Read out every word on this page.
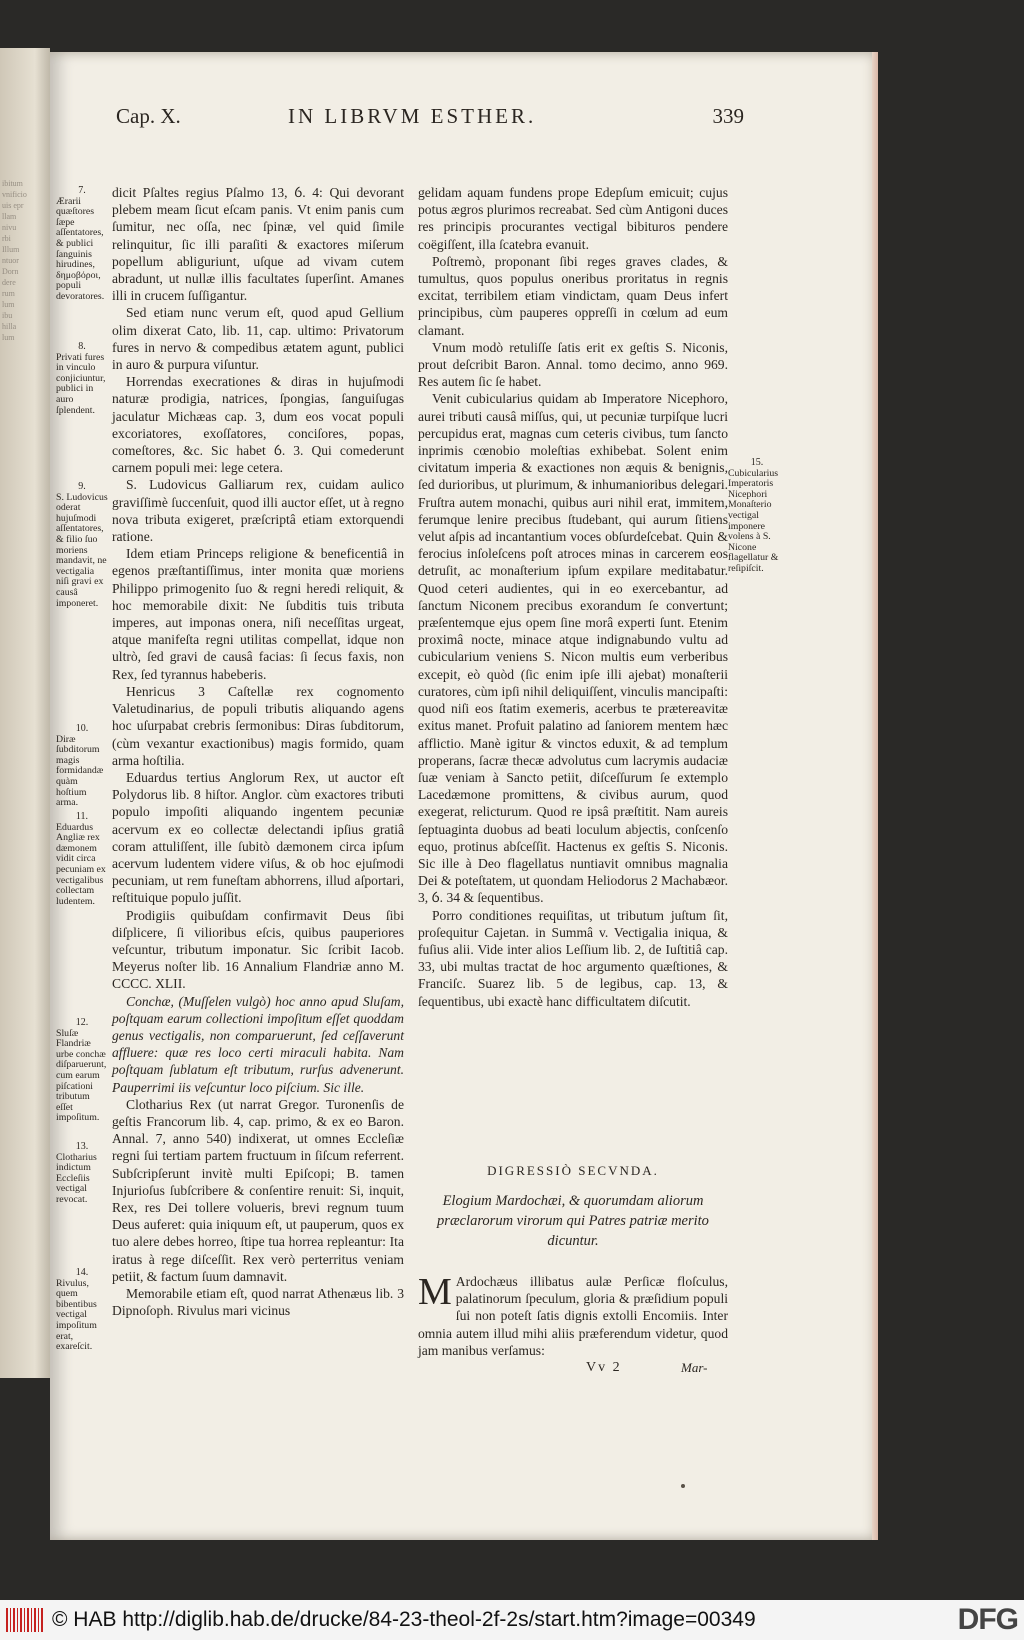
ibitum
vnificio
uis epr
llam
nivu
rbi
Illum
ntuor
Dorn
dere
rum
lum
ibu
hilla
lum
Cap. X.	IN LIBRVM ESTHER.	339

dicit Pſaltes regius Pſalmo 13, ỽ. 4: Qui devorant plebem meam ſicut eſcam panis. Vt enim panis cum ſumitur, nec oſſa, nec ſpinæ, vel quid ſimile relinquitur, ſic illi paraſiti & exactores miſerum popellum abliguriunt, uſque ad vivam cutem abradunt, ut nullæ illis facultates ſuperſint. Amanes illi in crucem ſuſſigantur.

Sed etiam nunc verum eſt, quod apud Gellium olim dixerat Cato, lib. 11, cap. ultimo: Privatorum fures in nervo & compedibus ætatem agunt, publici in auro & purpura viſuntur.

Horrendas execrationes & diras in hujuſmodi naturæ prodigia, natrices, ſpongias, ſanguiſugas jaculatur Michæas cap. 3, dum eos vocat populi excoriatores, exoſſatores, conciſores, popas, comeſtores, &c. Sic habet ỽ. 3. Qui comederunt carnem populi mei: lege cetera.

S. Ludovicus Galliarum rex, cuidam aulico graviſſimè ſuccenſuit, quod illi auctor eſſet, ut à regno nova tributa exigeret, præſcriptâ etiam extorquendi ratione.

Idem etiam Princeps religione & beneficentiâ in egenos præſtantiſſimus, inter monita quæ moriens Philippo primogenito ſuo & regni heredi reliquit, & hoc memorabile dixit: Ne ſubditis tuis tributa imperes, aut imponas onera, niſi neceſſitas urgeat, atque manifeſta regni utilitas compellat, idque non ultrò, ſed gravi de causâ facias: ſi ſecus faxis, non Rex, ſed tyrannus habeberis.

Henricus 3 Caſtellæ rex cognomento Valetudinarius, de populi tributis aliquando agens hoc uſurpabat crebris ſermonibus: Diras ſubditorum, (cùm vexantur exactionibus) magis formido, quam arma hoſtilia.

Eduardus tertius Anglorum Rex, ut auctor eſt Polydorus lib. 8 hiſtor. Anglor. cùm exactores tributi populo impoſiti aliquando ingentem pecuniæ acervum ex eo collectæ delectandi ipſius gratiâ coram attuliſſent, ille ſubitò dæmonem circa ipſum acervum ludentem videre viſus, & ob hoc ejuſmodi pecuniam, ut rem funeſtam abhorrens, illud aſportari, reſtituique populo juſſit.

Prodigiis quibuſdam confirmavit Deus ſibi diſplicere, ſi vilioribus eſcis, quibus pauperiores veſcuntur, tributum imponatur. Sic ſcribit Iacob. Meyerus noſter lib. 16 Annalium Flandriæ anno M. CCCC. XLII.

Conchæ, (Muſſelen vulgò) hoc anno apud Sluſam, poſtquam earum collectioni impoſitum eſſet quoddam genus vectigalis, non comparuerunt, ſed ceſſaverunt affluere: quæ res loco certi miraculi habita. Nam poſtquam ſublatum eſt tributum, rurſus advenerunt. Pauperrimi iis veſcuntur loco piſcium. Sic ille.

Clotharius Rex (ut narrat Gregor. Turonenſis de geſtis Francorum lib. 4, cap. primo, & ex eo Baron. Annal. 7, anno 540) indixerat, ut omnes Eccleſiæ regni ſui tertiam partem fructuum in ſiſcum referrent. Subſcripſerunt invitè multi Epiſcopi; B. tamen Injurioſus ſubſcribere & conſentire renuit: Si, inquit, Rex, res Dei tollere volueris, brevi regnum tuum Deus auferet: quia iniquum eſt, ut pauperum, quos ex tuo alere debes horreo, ſtipe tua horrea repleantur: Ita iratus à rege diſceſſit. Rex verò perterritus veniam petiit, & factum ſuum damnavit.

Memorabile etiam eſt, quod narrat Athenæus lib. 3 Dipnoſoph. Rivulus mari vicinus

gelidam aquam fundens prope Edepſum emicuit; cujus potus ægros plurimos recreabat. Sed cùm Antigoni duces res principis procurantes vectigal bibituros pendere coëgiſſent, illa ſcatebra evanuit.

Poſtremò, proponant ſibi reges graves clades, & tumultus, quos populus oneribus proritatus in regnis excitat, terribilem etiam vindictam, quam Deus infert principibus, cùm pauperes oppreſſi in cœlum ad eum clamant.

Vnum modò retuliſſe ſatis erit ex geſtis S. Niconis, prout deſcribit Baron. Annal. tomo decimo, anno 969. Res autem ſic ſe habet.

Venit cubicularius quidam ab Imperatore Nicephoro, aurei tributi causâ miſſus, qui, ut pecuniæ turpiſque lucri percupidus erat, magnas cum ceteris civibus, tum ſancto inprimis cœnobio moleſtias exhibebat. Solent enim civitatum imperia & exactiones non æquis & benignis, ſed durioribus, ut plurimum, & inhumanioribus delegari. Fruſtra autem monachi, quibus auri nihil erat, immitem, ferumque lenire precibus ſtudebant, qui aurum ſitiens velut aſpis ad incantantium voces obſurdeſcebat. Quin & ferocius inſoleſcens poſt atroces minas in carcerem eos detruſit, ac monaſterium ipſum expilare meditabatur. Quod ceteri audientes, qui in eo exercebantur, ad ſanctum Niconem precibus exorandum ſe convertunt; præſentemque ejus opem ſine morâ experti ſunt. Etenim proximâ nocte, minace atque indignabundo vultu ad cubicularium veniens S. Nicon multis eum verberibus excepit, eò quòd (ſic enim ipſe illi ajebat) monaſterii curatores, cùm ipſi nihil deliquiſſent, vinculis mancipaſti: quod niſi eos ſtatim exemeris, acerbus te prætereavitæ exitus manet. Profuit palatino ad ſaniorem mentem hæc afflictio. Manè igitur & vinctos eduxit, & ad templum properans, ſacræ thecæ advolutus cum lacrymis audaciæ ſuæ veniam à Sancto petiit, diſceſſurum ſe extemplo Lacedæmone promittens, & civibus aurum, quod exegerat, relicturum. Quod re ipsâ præſtitit. Nam aureis ſeptuaginta duobus ad beati loculum abjectis, conſcenſo equo, protinus abſceſſit. Hactenus ex geſtis S. Niconis. Sic ille à Deo flagellatus nuntiavit omnibus magnalia Dei & poteſtatem, ut quondam Heliodorus 2 Machabæor. 3, ỽ. 34 & ſequentibus.

Porro conditiones requiſitas, ut tributum juſtum ſit, proſequitur Cajetan. in Summâ v. Vectigalia iniqua, & fuſius alii. Vide inter alios Leſſium lib. 2, de Iuſtitiâ cap. 33, ubi multas tractat de hoc argumento quæſtiones, & Franciſc. Suarez lib. 5 de legibus, cap. 13, & ſequentibus, ubi exactè hanc difficultatem diſcutit.

DIGRESSIÒ SECVNDA.
Elogium Mardochæi, & quorumdam aliorum præclarorum virorum qui Patres patriæ merito dicuntur.
M Ardochæus illibatus aulæ Perſicæ floſculus, palatinorum ſpeculum, gloria & præſidium populi ſui non poteſt ſatis dignis extolli Encomiis. Inter omnia autem illud mihi aliis præferendum videtur, quod jam manibus verſamus:
7.
Ærarii quæſtores ſæpe aſſentatores, & publici ſanguinis hirudines, δημοβόροι, populi devoratores.
8.
Privati fures in vinculo conjiciuntur, publici in auro ſplendent.
9.
S. Ludovicus oderat hujuſmodi aſſentatores, & filio ſuo moriens mandavit, ne vectigalia niſi gravi ex causâ imponeret.
10.
Diræ ſubditorum magis formidandæ quàm hoſtium arma.
11.
Eduardus Angliæ rex dæmonem vidit circa pecuniam ex vectigalibus collectam ludentem.
12.
Sluſæ Flandriæ urbe conchæ diſparuerunt, cum earum piſcationi tributum eſſet impoſitum.
13.
Clotharius indictum Eccleſiis vectigal revocat.
14.
Rivulus, quem bibentibus vectigal impoſitum erat, exareſcit.
15.
Cubicularius Imperatoris Nicephori Monaſterio vectigal imponere volens à S. Nicone flagellatur & reſipiſcit.
Vv 2	Mar-
© HAB http://diglib.hab.de/drucke/84-23-theol-2f-2s/start.htm?image=00349	DFG
